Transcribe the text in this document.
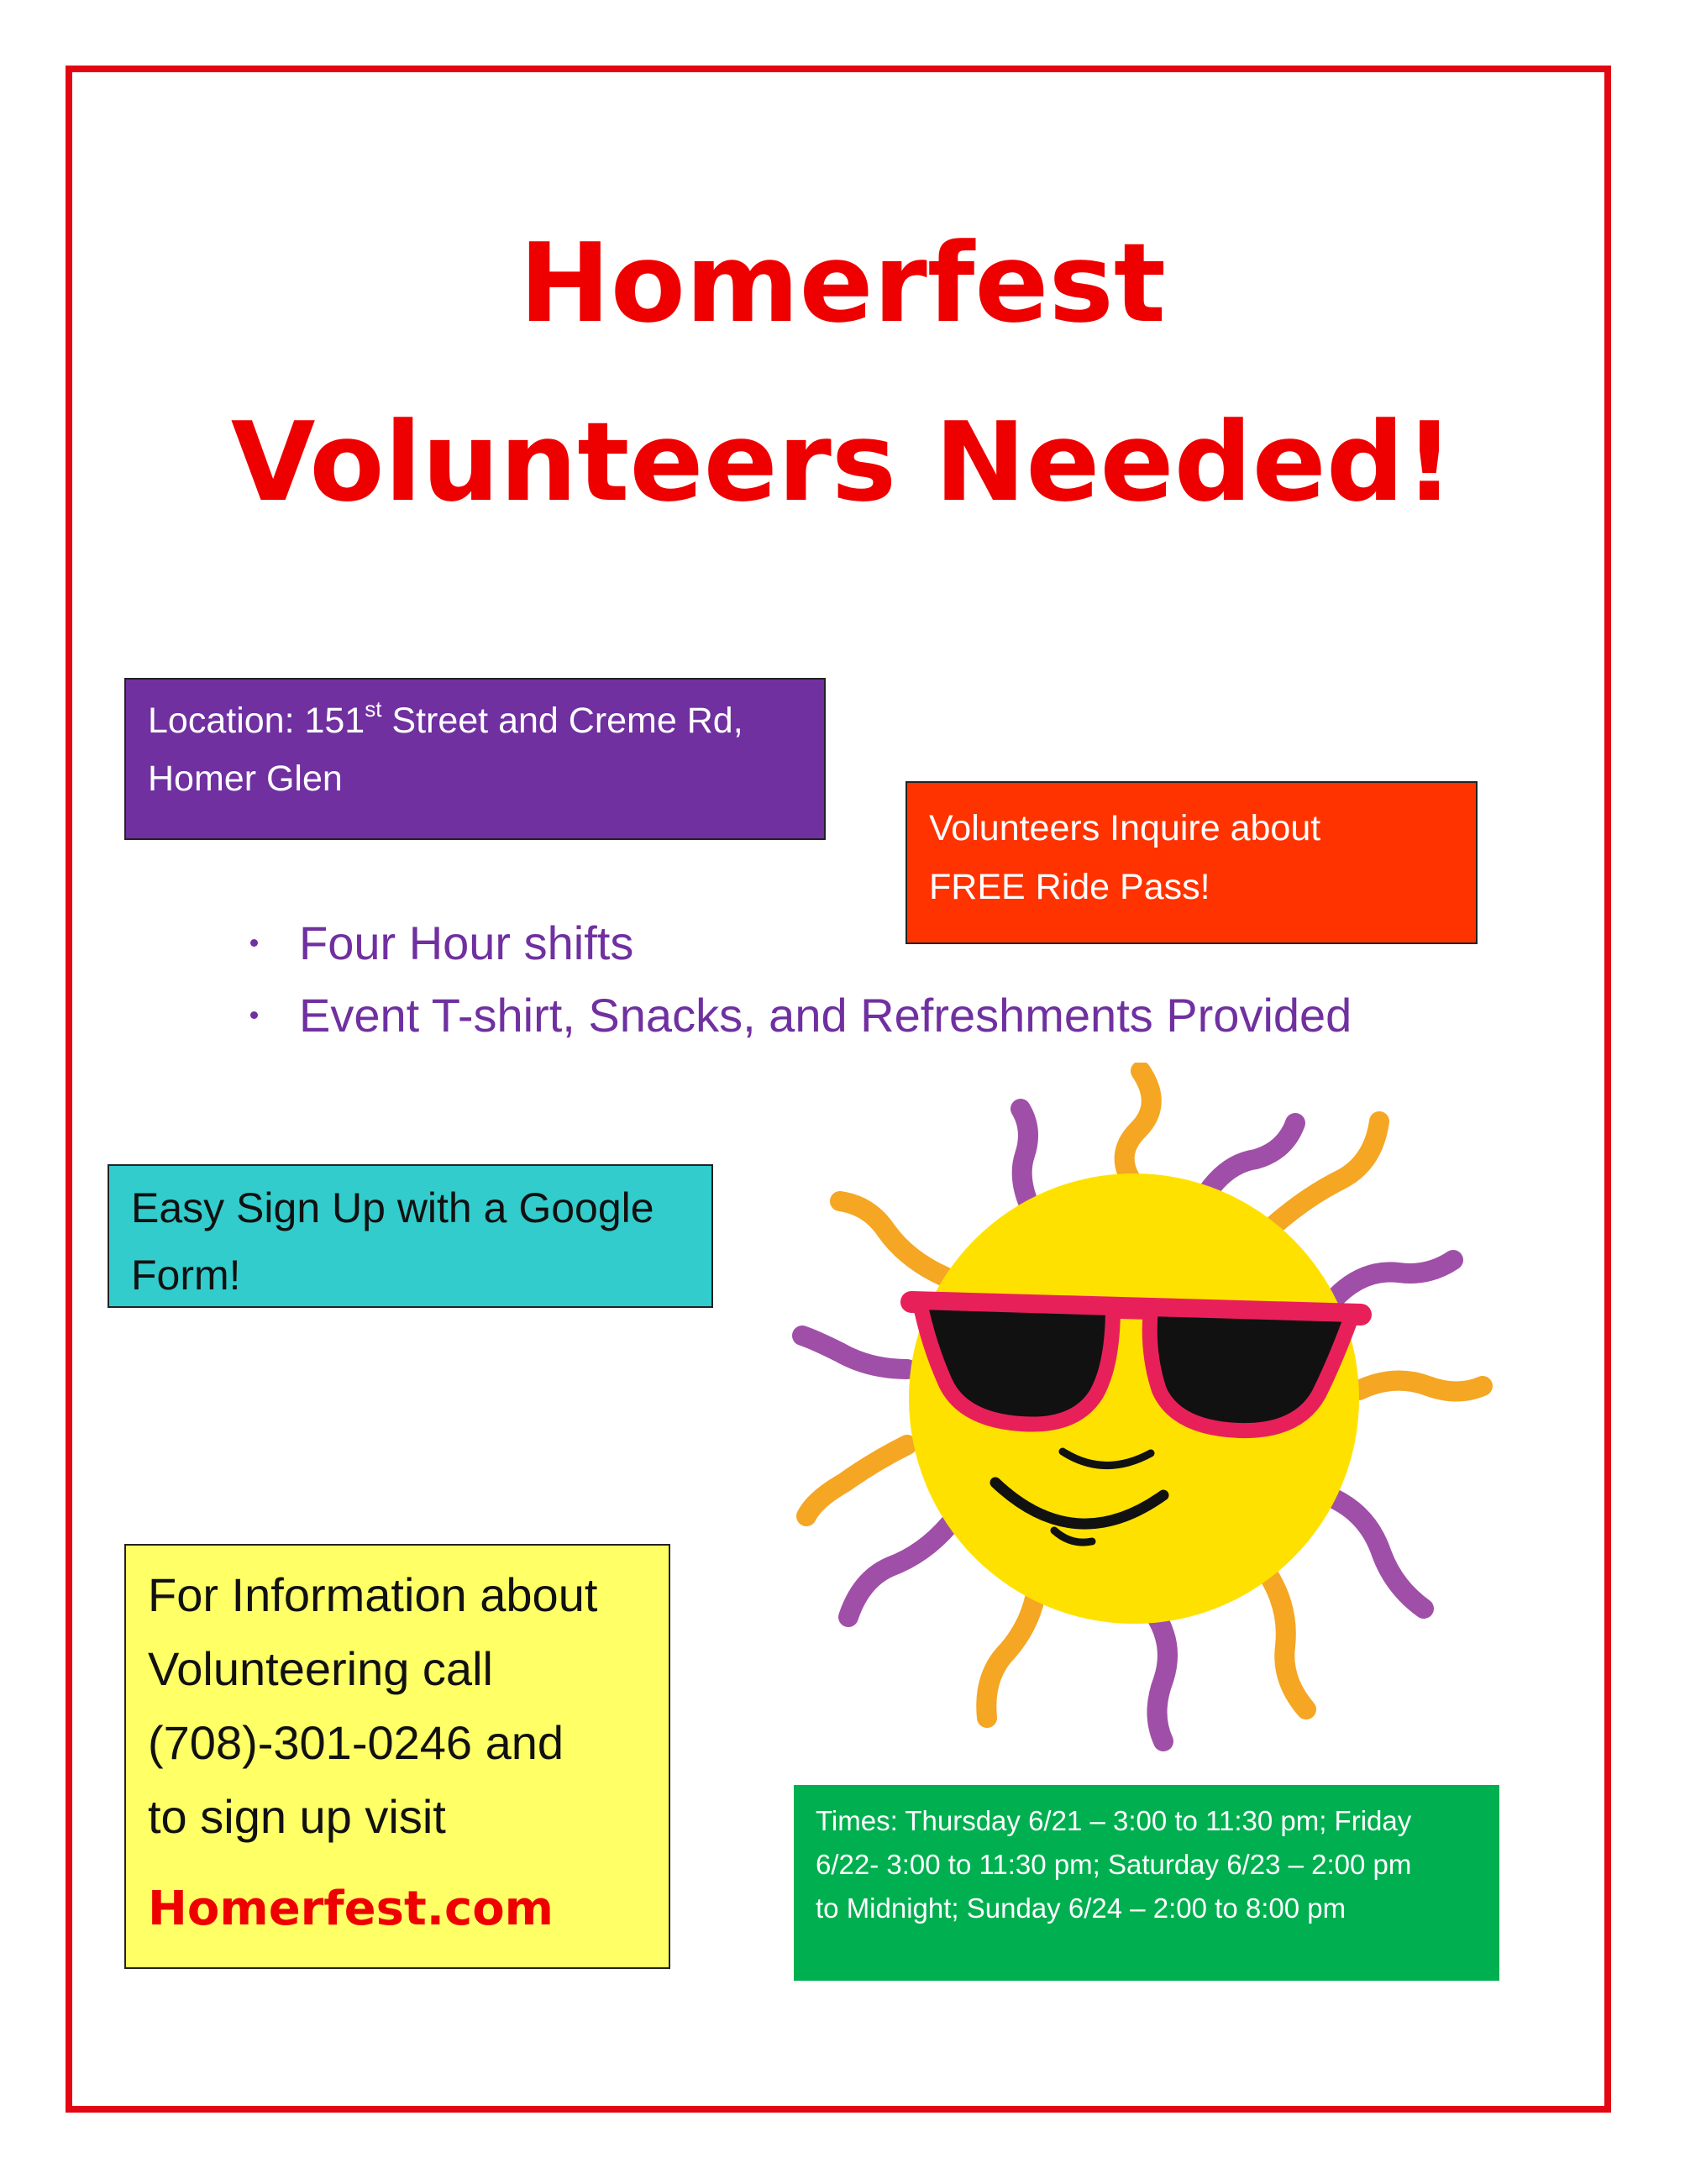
Homerfest
Volunteers Needed!
Location: 151st Street and Creme Rd,
Homer Glen
Volunteers Inquire about
FREE Ride Pass!
Four Hour shifts
Event T-shirt, Snacks, and Refreshments Provided
Easy Sign Up with a Google
Form!
For Information about
Volunteering call
(708)-301-0246 and
to sign up visit
Homerfest.com
Times: Thursday 6/21 – 3:00 to 11:30 pm; Friday
6/22- 3:00 to 11:30 pm; Saturday 6/23 – 2:00 pm
to Midnight; Sunday 6/24 – 2:00 to 8:00 pm
